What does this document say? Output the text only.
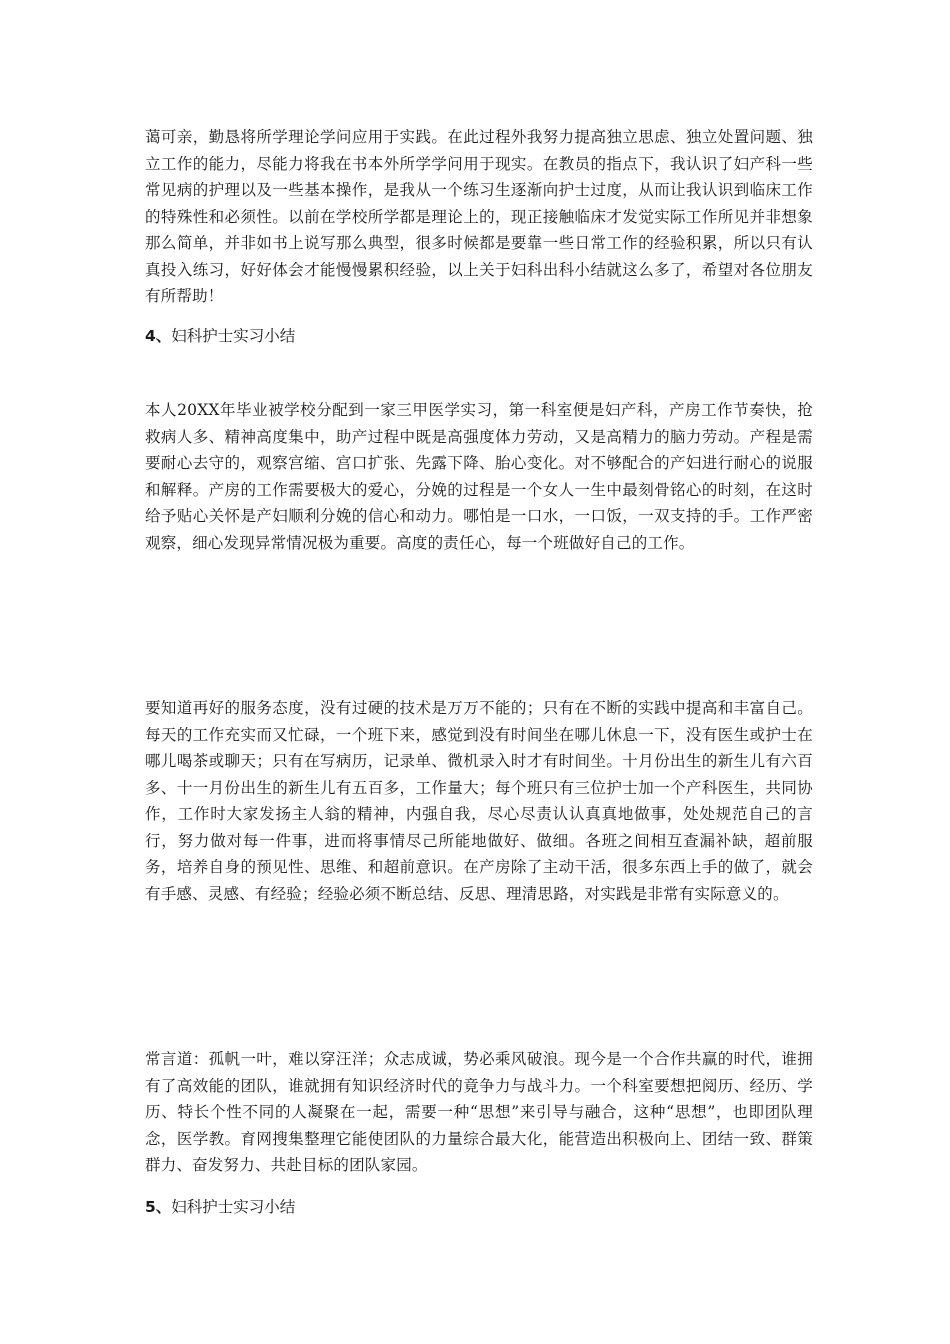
蔼可亲，勤恳将所学理论学问应用于实践。在此过程外我努力提高独立思虑、独立处置问题、独立工作的能力，尽能力将我在书本外所学学问用于现实。在教员的指点下，我认识了妇产科一些常见病的护理以及一些基本操作，是我从一个练习生逐渐向护士过度，从而让我认识到临床工作的特殊性和必须性。以前在学校所学都是理论上的，现正接触临床才发觉实际工作所见并非想象那么简单，并非如书上说写那么典型，很多时候都是要靠一些日常工作的经验积累，所以只有认真投入练习，好好体会才能慢慢累积经验，以上关于妇科出科小结就这么多了，希望对各位朋友有所帮助！

4、妇科护士实习小结

本人20XX年毕业被学校分配到一家三甲医学实习，第一科室便是妇产科，产房工作节奏快，抢救病人多、精神高度集中，助产过程中既是高强度体力劳动，又是高精力的脑力劳动。产程是需要耐心去守的，观察宫缩、宫口扩张、先露下降、胎心变化。对不够配合的产妇进行耐心的说服和解释。产房的工作需要极大的爱心，分娩的过程是一个女人一生中最刻骨铭心的时刻，在这时给予贴心关怀是产妇顺利分娩的信心和动力。哪怕是一口水，一口饭，一双支持的手。工作严密观察，细心发现异常情况极为重要。高度的责任心，每一个班做好自己的工作。

要知道再好的服务态度，没有过硬的技术是万万不能的；只有在不断的实践中提高和丰富自己。每天的工作充实而又忙碌，一个班下来，感觉到没有时间坐在哪儿休息一下，没有医生或护士在哪儿喝茶或聊天；只有在写病历，记录单、微机录入时才有时间坐。十月份出生的新生儿有六百多、十一月份出生的新生儿有五百多，工作量大；每个班只有三位护士加一个产科医生，共同协作，工作时大家发扬主人翁的精神，内强自我，尽心尽责认认真真地做事，处处规范自己的言行，努力做对每一件事，进而将事情尽己所能地做好、做细。各班之间相互查漏补缺，超前服务，培养自身的预见性、思维、和超前意识。在产房除了主动干活，很多东西上手的做了，就会有手感、灵感、有经验；经验必须不断总结、反思、理清思路，对实践是非常有实际意义的。

常言道：孤帆一叶，难以穿汪洋；众志成诚，势必乘风破浪。现今是一个合作共赢的时代，谁拥有了高效能的团队，谁就拥有知识经济时代的竟争力与战斗力。一个科室要想把阅历、经历、学历、特长个性不同的人凝聚在一起，需要一种“思想”来引导与融合，这种“思想”，也即团队理念，医学教。育网搜集整理它能使团队的力量综合最大化，能营造出积极向上、团结一致、群策群力、奋发努力、共赴目标的团队家园。

5、妇科护士实习小结
